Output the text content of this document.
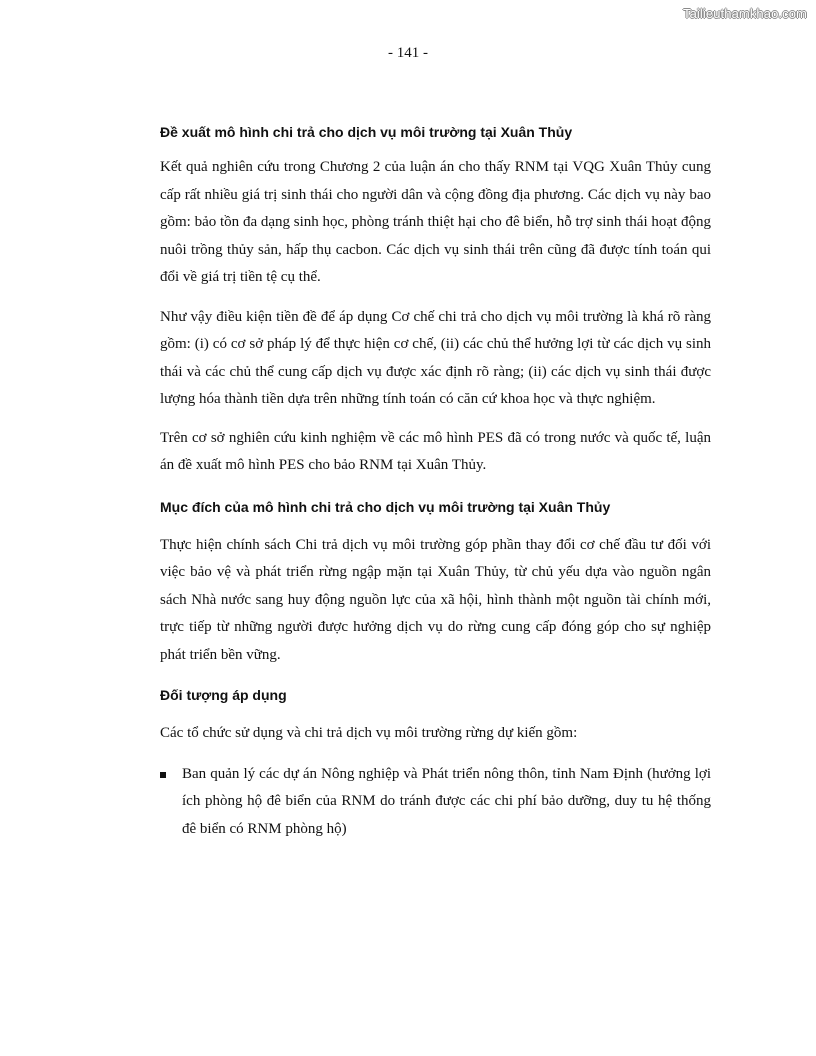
Tailieuthamkhao.com
- 141 -
Đề xuất mô hình chi trả cho dịch vụ môi trường tại Xuân Thủy

Kết quả nghiên cứu trong Chương 2 của luận án cho thấy RNM tại VQG Xuân Thủy cung cấp rất nhiều giá trị sinh thái cho người dân và cộng đồng địa phương. Các dịch vụ này bao gồm: bảo tồn đa dạng sinh học, phòng tránh thiệt hại cho đê biển, hỗ trợ sinh thái hoạt động nuôi trồng thủy sản, hấp thụ cacbon. Các dịch vụ sinh thái trên cũng đã được tính toán qui đổi về giá trị tiền tệ cụ thể.

Như vậy điều kiện tiền đề để áp dụng Cơ chế chi trả cho dịch vụ môi trường là khá rõ ràng gồm: (i) có cơ sở pháp lý để thực hiện cơ chế, (ii) các chủ thể hưởng lợi từ các dịch vụ sinh thái và các chủ thể cung cấp dịch vụ được xác định rõ ràng; (ii) các dịch vụ sinh thái được lượng hóa thành tiền dựa trên những tính toán có căn cứ khoa học và thực nghiệm.

Trên cơ sở nghiên cứu kinh nghiệm về các mô hình PES đã có trong nước và quốc tế, luận án đề xuất mô hình PES cho bảo RNM tại Xuân Thủy.

Mục đích của mô hình chi trả cho dịch vụ môi trường tại Xuân Thủy

Thực hiện chính sách Chi trả dịch vụ môi trường góp phần thay đổi cơ chế đầu tư đối với việc bảo vệ và phát triển rừng ngập mặn tại Xuân Thủy, từ chủ yếu dựa vào nguồn ngân sách Nhà nước sang huy động nguồn lực của xã hội, hình thành một nguồn tài chính mới, trực tiếp từ những người được hưởng dịch vụ do rừng cung cấp đóng góp cho sự nghiệp phát triển bền vững.

Đối tượng áp dụng

Các tổ chức sử dụng và chi trả dịch vụ môi trường rừng dự kiến gồm:

Ban quản lý các dự án Nông nghiệp và Phát triển nông thôn, tỉnh Nam Định (hưởng lợi ích phòng hộ đê biển của RNM do tránh được các chi phí bảo dưỡng, duy tu hệ thống đê biển có RNM phòng hộ)
